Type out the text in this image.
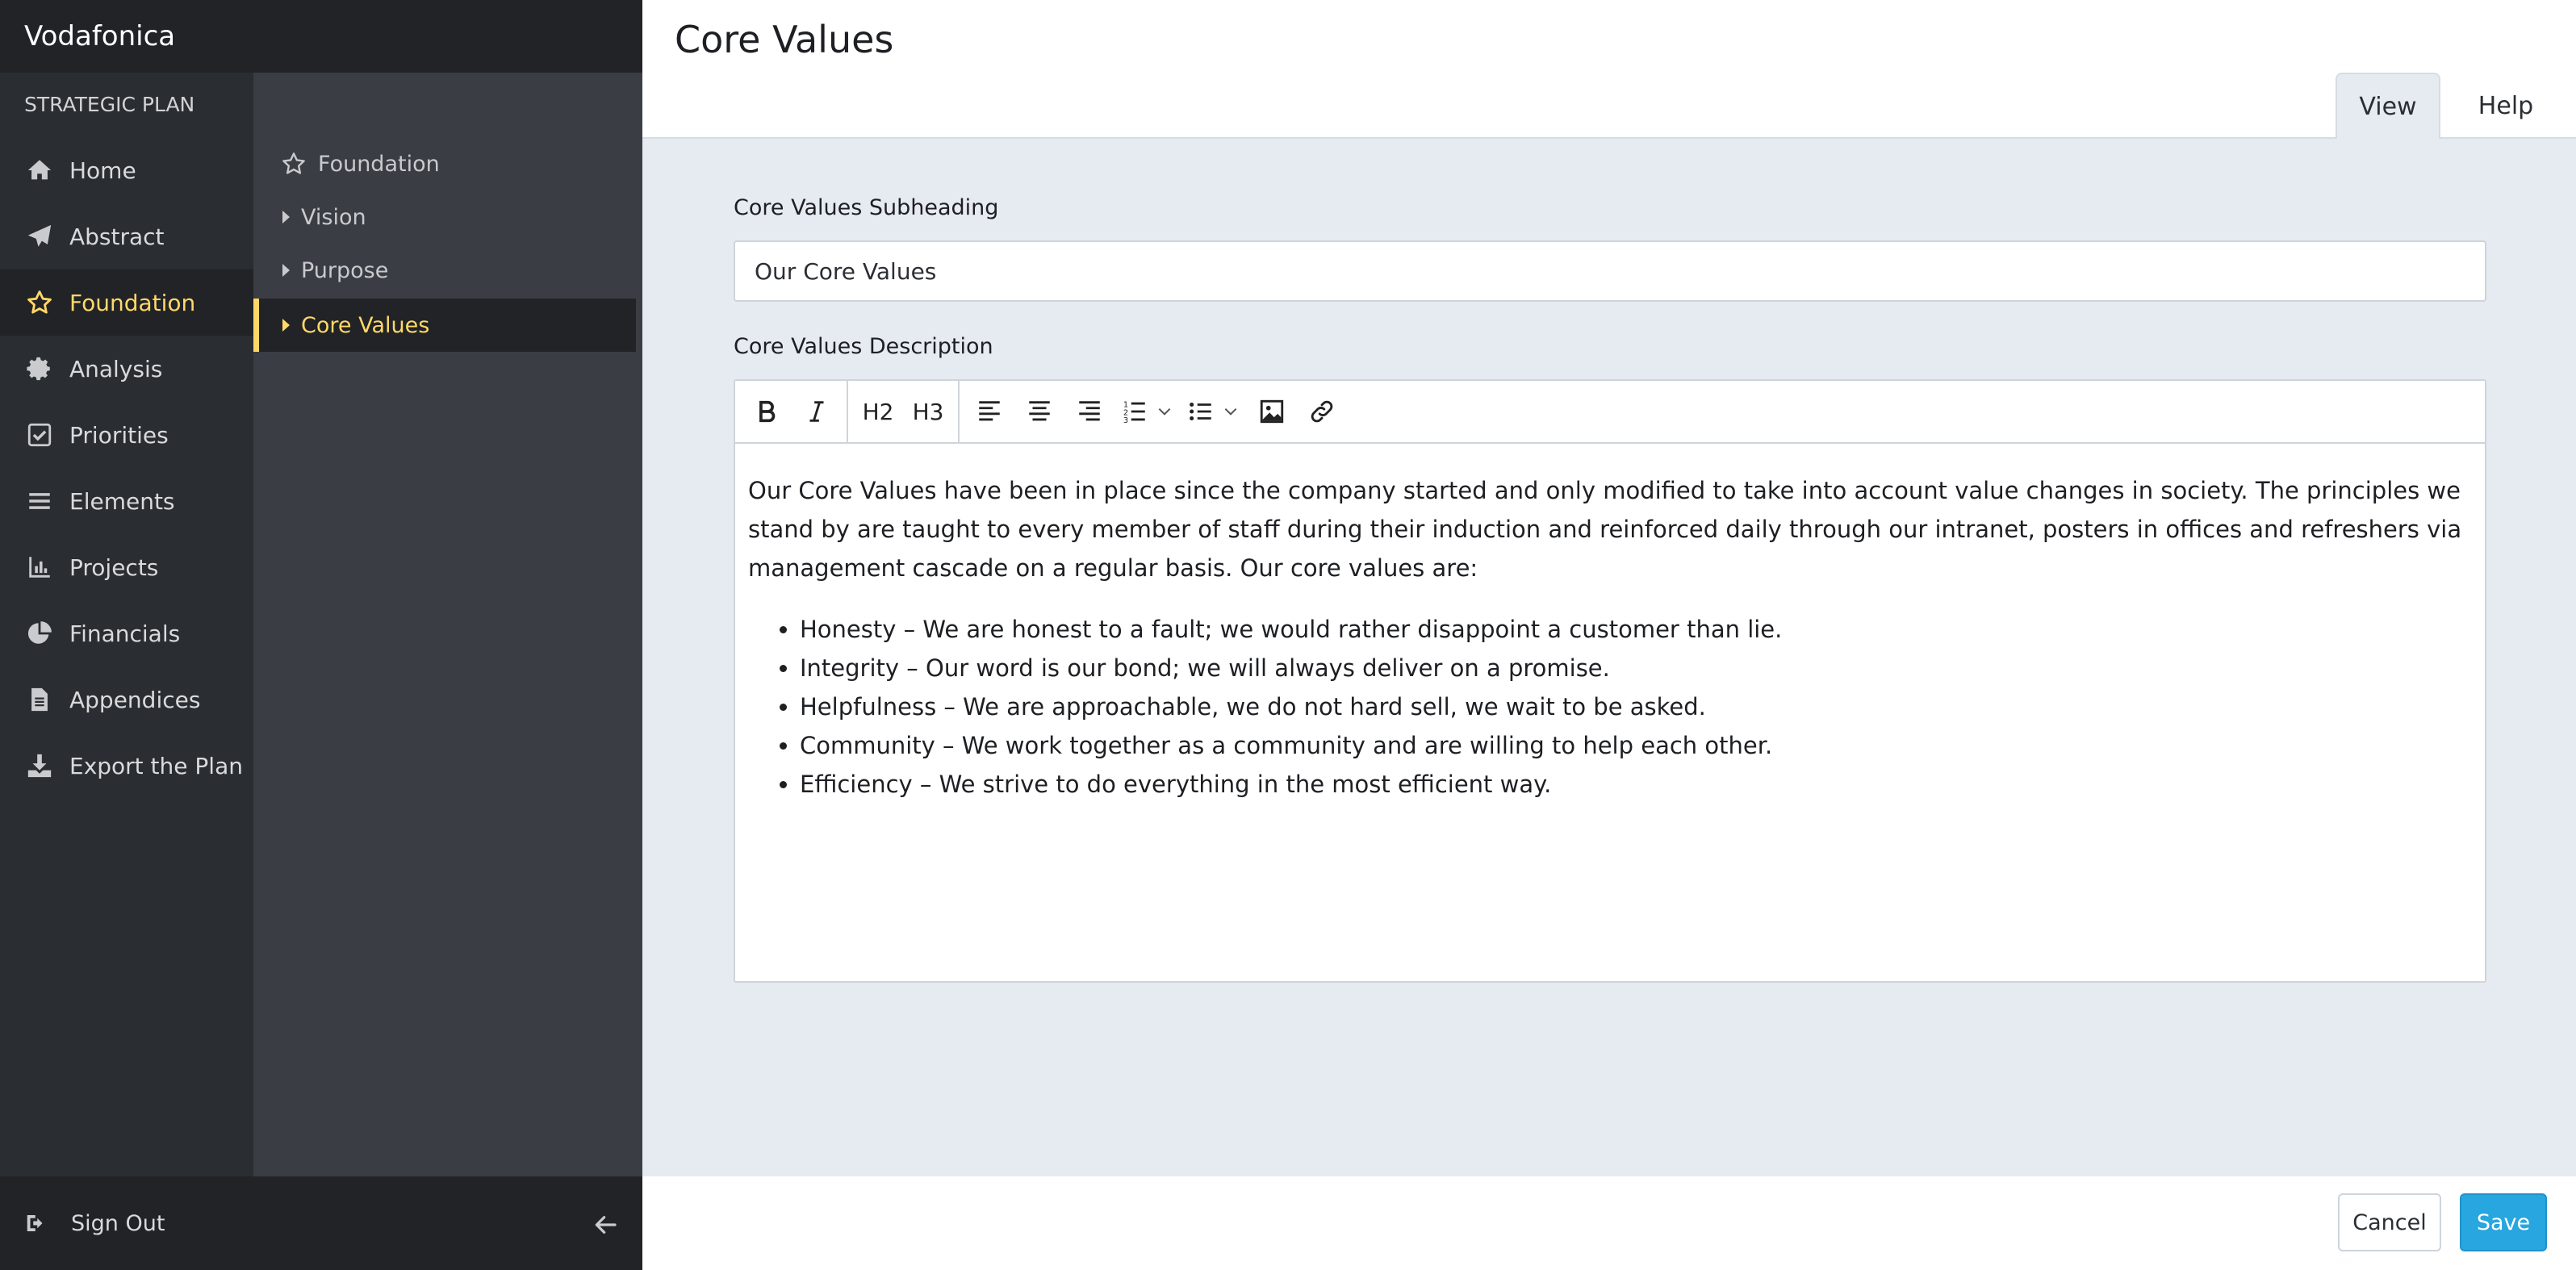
Vodafonica
STRATEGIC PLAN
Home
Abstract
Foundation
Analysis
Priorities
Elements
Projects
Financials
Appendices
Export the Plan
Foundation
Vision
Purpose
Core Values
Sign Out
Core Values
View	Help
Core Values Subheading
Our Core Values
Core Values Description
H2 H3	1
2
3

Our Core Values have been in place since the company started and only modified to take into account value changes in society. The principles we stand by are taught to every member of staff during their induction and reinforced daily through our intranet, posters in offices and refreshers via management cascade on a regular basis. Our core values are:

• Honesty – We are honest to a fault; we would rather disappoint a customer than lie.
• Integrity – Our word is our bond; we will always deliver on a promise.
• Helpfulness – We are approachable, we do not hard sell, we wait to be asked.
• Community – We work together as a community and are willing to help each other.
• Efficiency – We strive to do everything in the most efficient way.
Cancel	Save
